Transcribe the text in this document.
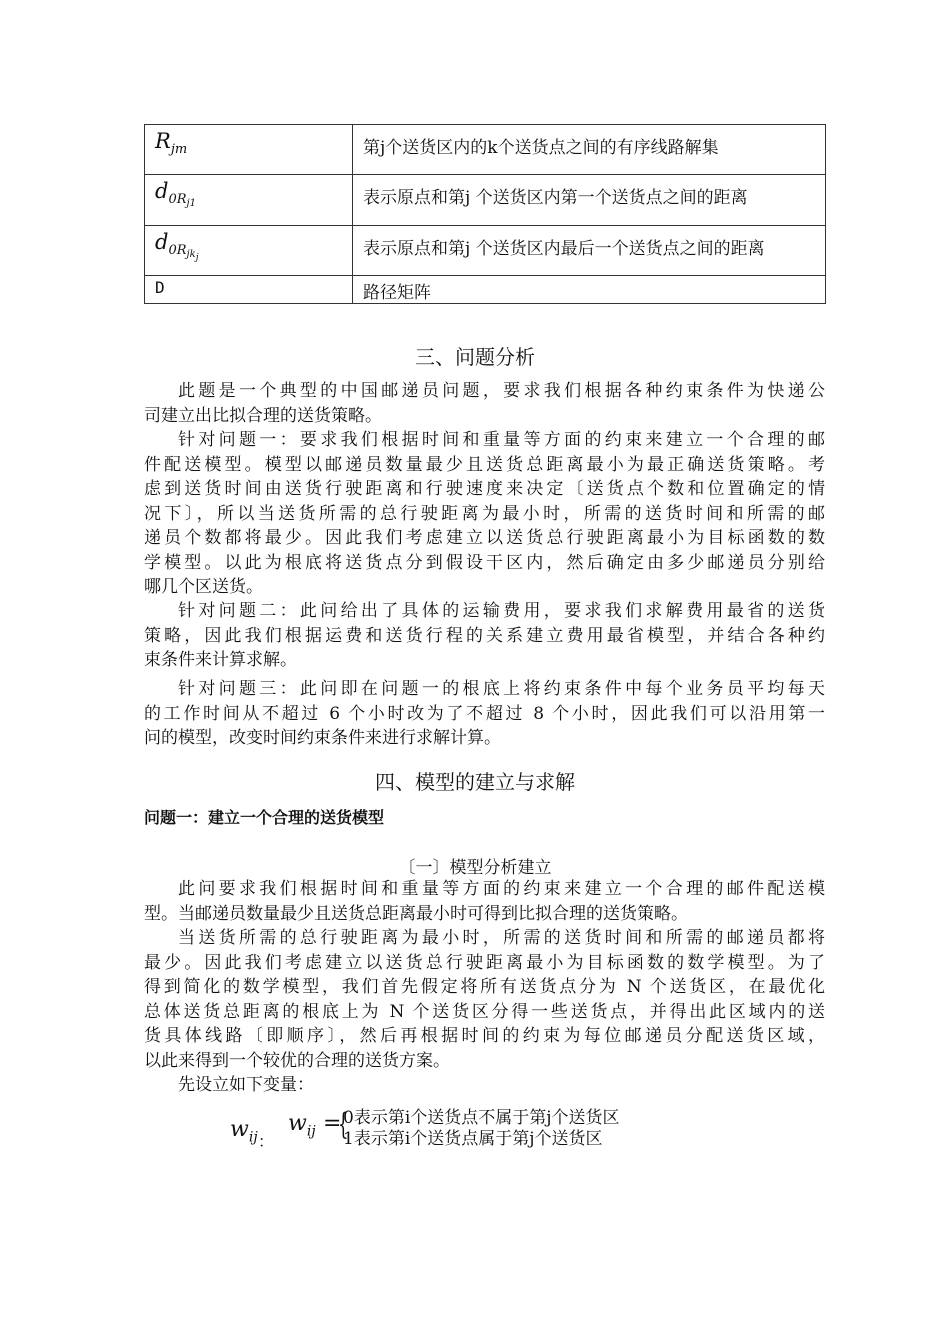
$R_{jm}$	第j个送货区内的k个送货点之间的有序线路解集

$d_{0R_{j1}}$	表示原点和第j 个送货区内第一个送货点之间的距离

$d_{0R_{jkj}}$	表示原点和第j 个送货区内最后一个送货点之间的距离

D	路径矩阵
三、问题分析
此题是一个典型的中国邮递员问题，要求我们根据各种约束条件为快递公
司建立出比拟合理的送货策略。
针对问题一：要求我们根据时间和重量等方面的约束来建立一个合理的邮
件配送模型。模型以邮递员数量最少且送货总距离最小为最正确送货策略。考
虑到送货时间由送货行驶距离和行驶速度来决定〔送货点个数和位置确定的情
况下〕，所以当送货所需的总行驶距离为最小时，所需的送货时间和所需的邮
递员个数都将最少。因此我们考虑建立以送货总行驶距离最小为目标函数的数
学模型。以此为根底将送货点分到假设干区内，然后确定由多少邮递员分别给
哪几个区送货。
针对问题二：此问给出了具体的运输费用，要求我们求解费用最省的送货
策略，因此我们根据运费和送货行程的关系建立费用最省模型，并结合各种约
束条件来计算求解。
针对问题三：此问即在问题一的根底上将约束条件中每个业务员平均每天
的工作时间从不超过 6 个小时改为了不超过 8 个小时，因此我们可以沿用第一
问的模型，改变时间约束条件来进行求解计算。
四、模型的建立与求解
问题一：建立一个合理的送货模型
〔一〕模型分析建立
此问要求我们根据时间和重量等方面的约束来建立一个合理的邮件配送模
型。当邮递员数量最少且送货总距离最小时可得到比拟合理的送货策略。
当送货所需的总行驶距离为最小时，所需的送货时间和所需的邮递员都将
最少。因此我们考虑建立以送货总行驶距离最小为目标函数的数学模型。为了
得到简化的数学模型，我们首先假定将所有送货点分为 N 个送货区，在最优化
总体送货总距离的根底上为 N 个送货区分得一些送货点，并得出此区域内的送
货具体线路〔即顺序〕，然后再根据时间的约束为每位邮递员分配送货区域，
以此来得到一个较优的合理的送货方案。
先设立如下变量：
$w_{ij}$ ：
$w_{ij}$ =
{
0表示第i个送货点不属于第j个送货区
1表示第i个送货点属于第j个送货区
